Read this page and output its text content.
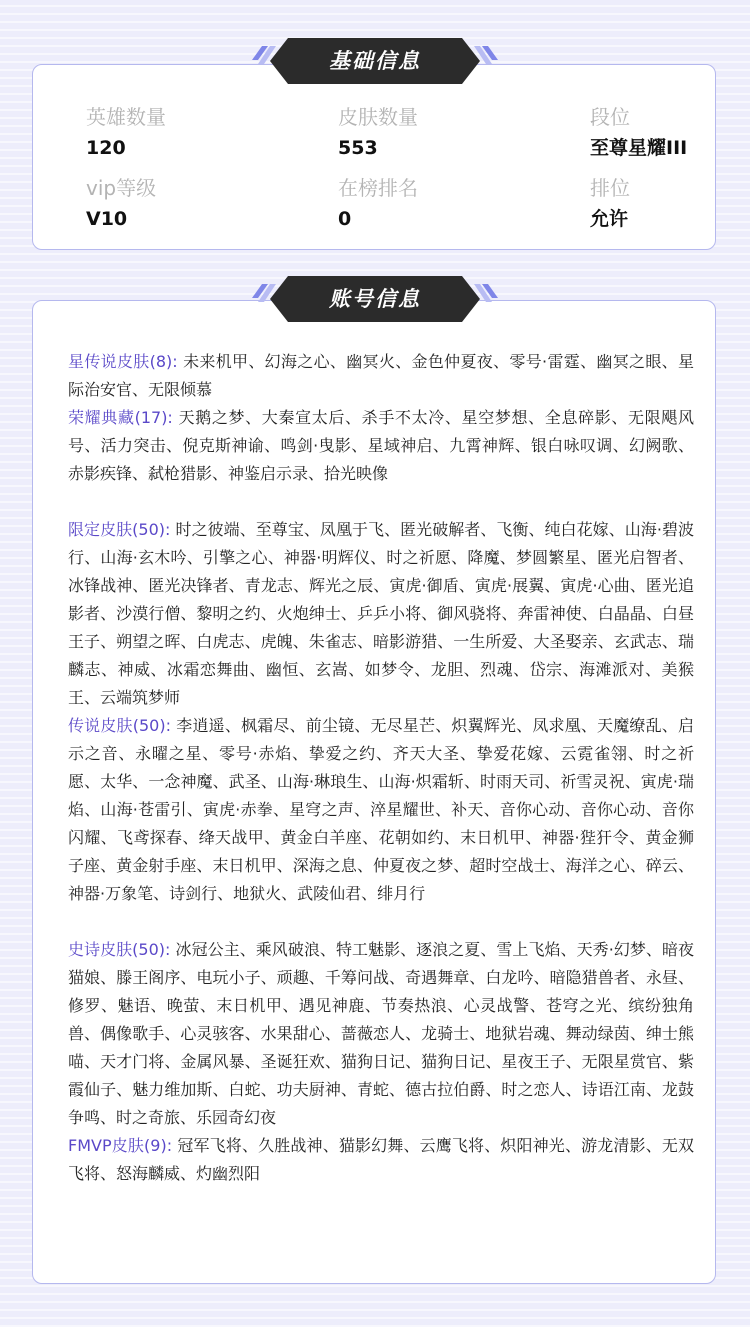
基础信息
英雄数量
120
皮肤数量
553
段位
至尊星耀III
vip等级
V10
在榜排名
0
排位
允许
账号信息

星传说皮肤(8): 未来机甲、幻海之心、幽冥火、金色仲夏夜、零号·雷霆、幽冥之眼、星际治安官、无限倾慕

荣耀典藏(17): 天鹅之梦、大秦宣太后、杀手不太冷、星空梦想、全息碎影、无限飓风号、活力突击、倪克斯神谕、鸣剑·曳影、星域神启、九霄神辉、银白咏叹调、幻阙歌、赤影疾锋、弑枪猎影、神鉴启示录、拾光映像

限定皮肤(50): 时之彼端、至尊宝、凤凰于飞、匿光破解者、飞衡、纯白花嫁、山海·碧波行、山海·玄木吟、引擎之心、神器·明辉仪、时之祈愿、降魔、梦圆繁星、匿光启智者、冰锋战神、匿光决锋者、青龙志、辉光之辰、寅虎·御盾、寅虎·展翼、寅虎·心曲、匿光追影者、沙漠行僧、黎明之约、火炮绅士、乒乒小将、御风骁将、奔雷神使、白晶晶、白昼王子、朔望之晖、白虎志、虎魄、朱雀志、暗影游猎、一生所爱、大圣娶亲、玄武志、瑞麟志、神威、冰霜恋舞曲、幽恒、玄嵩、如梦令、龙胆、烈魂、岱宗、海滩派对、美猴王、云端筑梦师

传说皮肤(50): 李逍遥、枫霜尽、前尘镜、无尽星芒、炽翼辉光、凤求凰、天魔缭乱、启示之音、永曜之星、零号·赤焰、挚爱之约、齐天大圣、挚爱花嫁、云霓雀翎、时之祈愿、太华、一念神魔、武圣、山海·琳琅生、山海·炽霜斩、时雨天司、祈雪灵祝、寅虎·瑞焰、山海·苍雷引、寅虎·赤拳、星穹之声、淬星耀世、补天、音你心动、音你心动、音你闪耀、飞鸢探春、绛天战甲、黄金白羊座、花朝如约、末日机甲、神器·狴犴令、黄金狮子座、黄金射手座、末日机甲、深海之息、仲夏夜之梦、超时空战士、海洋之心、碎云、神器·万象笔、诗剑行、地狱火、武陵仙君、绯月行

史诗皮肤(50): 冰冠公主、乘风破浪、特工魅影、逐浪之夏、雪上飞焰、天秀·幻梦、暗夜猫娘、滕王阁序、电玩小子、顽趣、千筹问战、奇遇舞章、白龙吟、暗隐猎兽者、永昼、修罗、魅语、晚萤、末日机甲、遇见神鹿、节奏热浪、心灵战警、苍穹之光、缤纷独角兽、偶像歌手、心灵骇客、水果甜心、蔷薇恋人、龙骑士、地狱岩魂、舞动绿茵、绅士熊喵、天才门将、金属风暴、圣诞狂欢、猫狗日记、猫狗日记、星夜王子、无限星赏官、紫霞仙子、魅力维加斯、白蛇、功夫厨神、青蛇、德古拉伯爵、时之恋人、诗语江南、龙鼓争鸣、时之奇旅、乐园奇幻夜

FMVP皮肤(9): 冠军飞将、久胜战神、猫影幻舞、云鹰飞将、炽阳神光、游龙清影、无双飞将、怒海麟威、灼幽烈阳
